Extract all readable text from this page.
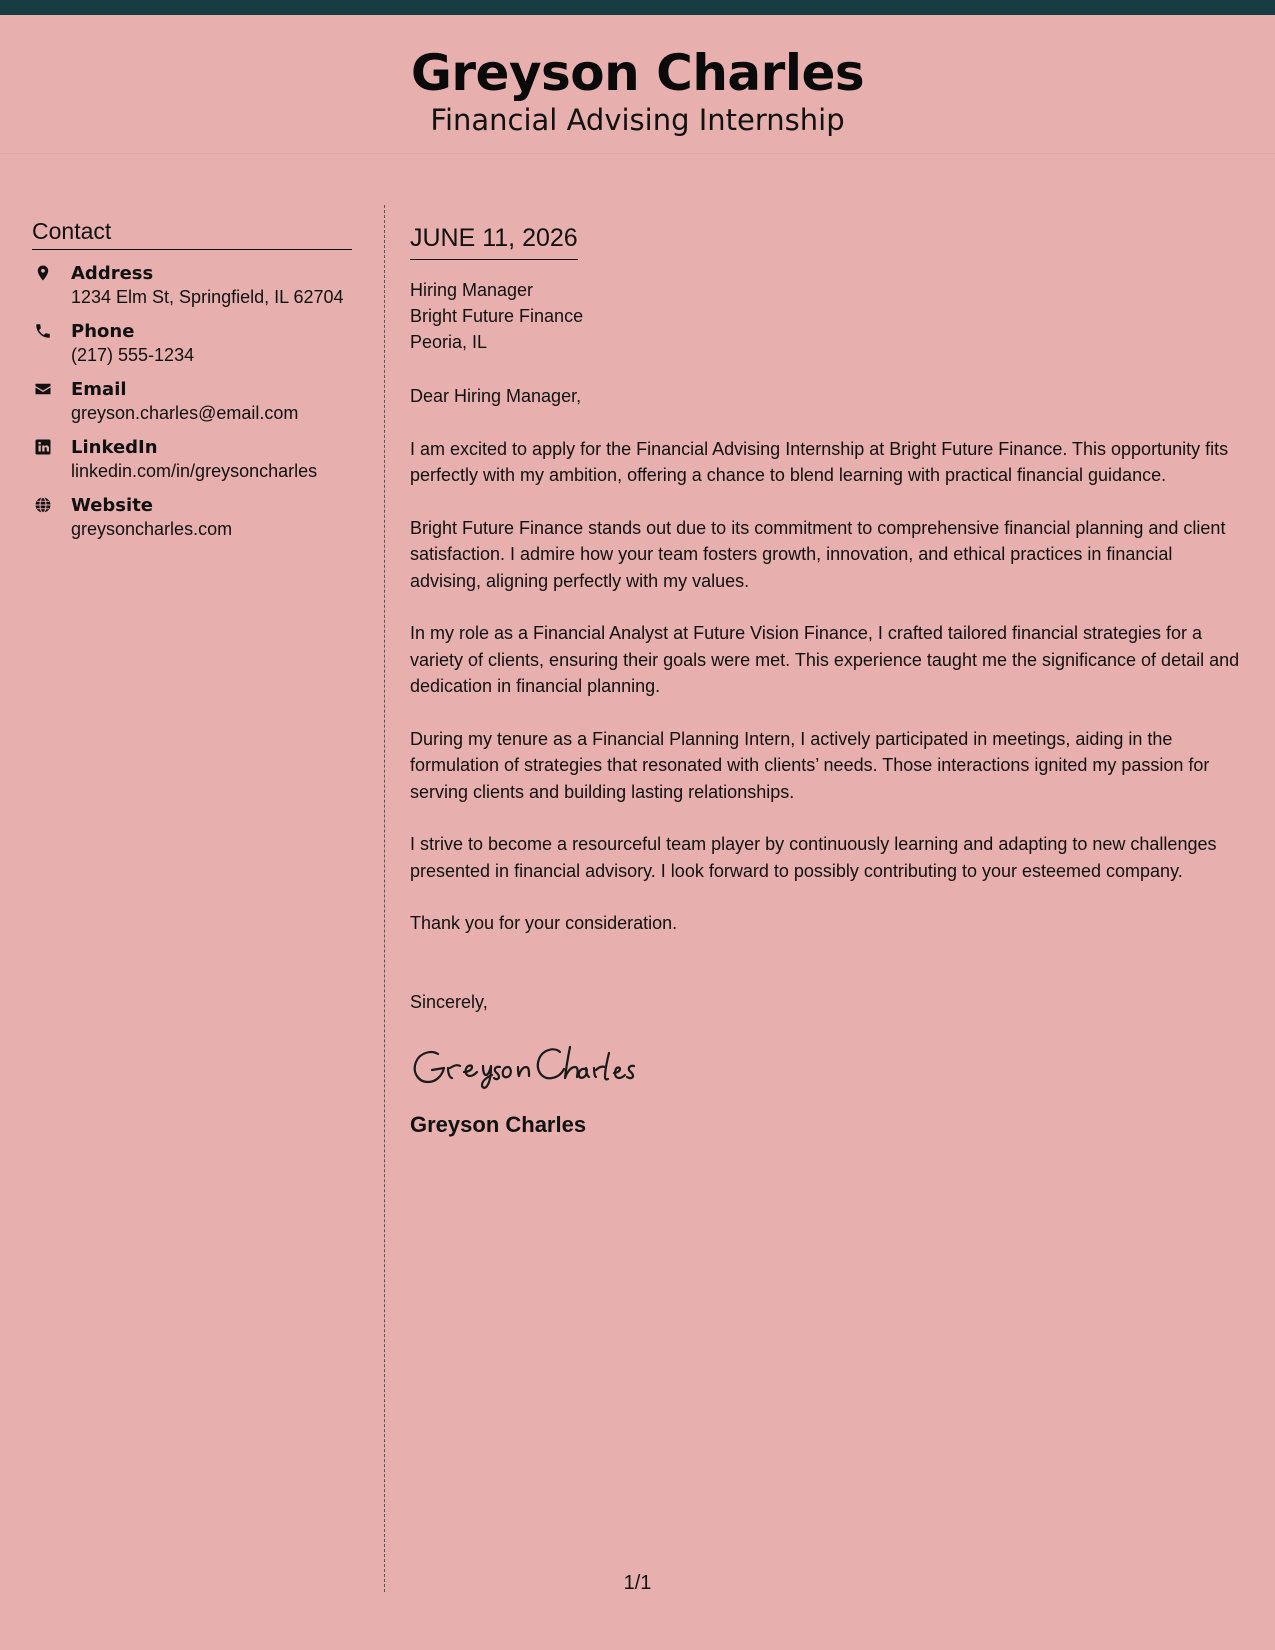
Greyson Charles
Financial Advising Internship
Contact
Address
1234 Elm St, Springfield, IL 62704
Phone
(217) 555-1234
Email
greyson.charles@email.com
LinkedIn
linkedin.com/in/greysoncharles
Website
greysoncharles.com
JUNE 11, 2026
Hiring Manager
Bright Future Finance
Peoria, IL
Dear Hiring Manager,
I am excited to apply for the Financial Advising Internship at Bright Future Finance. This opportunity fits perfectly with my ambition, offering a chance to blend learning with practical financial guidance.
Bright Future Finance stands out due to its commitment to comprehensive financial planning and client satisfaction. I admire how your team fosters growth, innovation, and ethical practices in financial advising, aligning perfectly with my values.
In my role as a Financial Analyst at Future Vision Finance, I crafted tailored financial strategies for a variety of clients, ensuring their goals were met. This experience taught me the significance of detail and dedication in financial planning.
During my tenure as a Financial Planning Intern, I actively participated in meetings, aiding in the formulation of strategies that resonated with clients’ needs. Those interactions ignited my passion for serving clients and building lasting relationships.
I strive to become a resourceful team player by continuously learning and adapting to new challenges presented in financial advisory. I look forward to possibly contributing to your esteemed company.
Thank you for your consideration.
Sincerely,
Greyson Charles
1/1
